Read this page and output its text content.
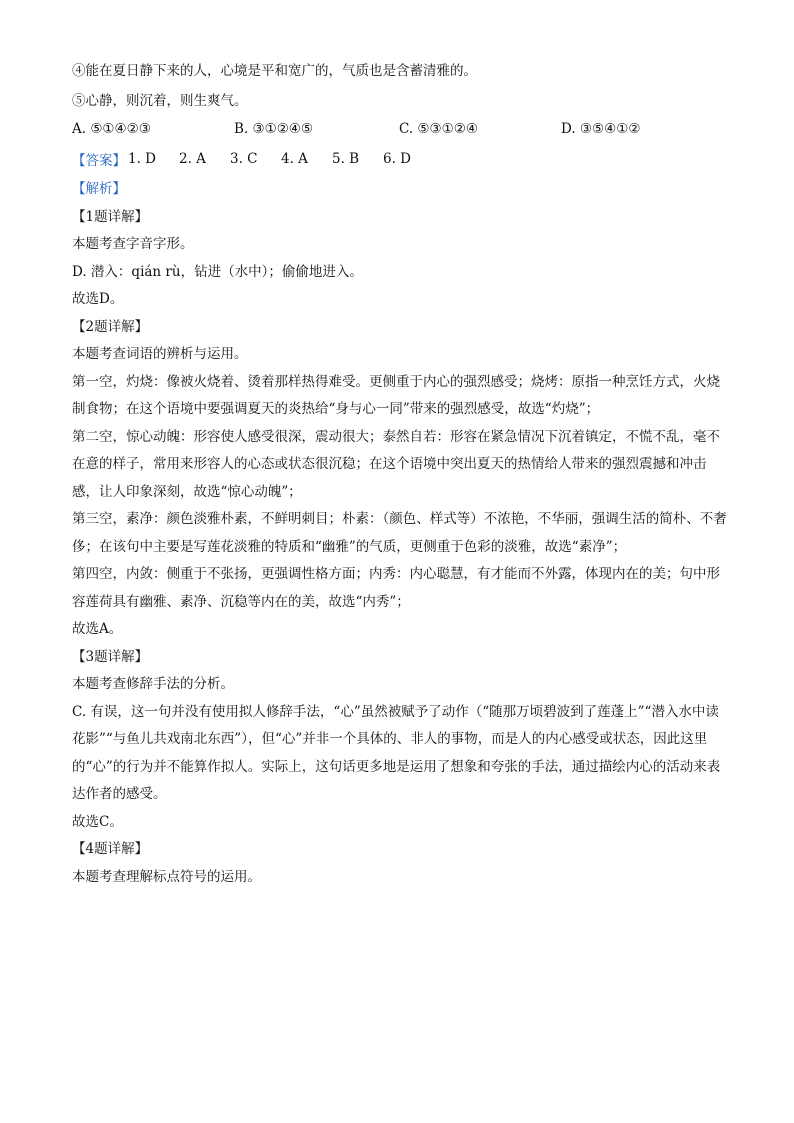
④能在夏日静下来的人，心境是平和宽广的，气质也是含蓄清雅的。

⑤心静，则沉着，则生爽气。

A. ⑤①④②③	B. ③①②④⑤	C. ⑤③①②④	D. ③⑤④①②
【答案】 1. D	2. A	3. C	4. A	5. B	6. D

【解析】

【1题详解】

本题考查字音字形。

D. 潜入：qián rù，钻进（水中）；偷偷地进入。

故选D。

【2题详解】

本题考查词语的辨析与运用。

第一空，灼烧：像被火烧着、烫着那样热得难受。更侧重于内心的强烈感受；烧烤：原指一种烹饪方式，火烧制食物；在这个语境中要强调夏天的炎热给“身与心一同”带来的强烈感受，故选“灼烧”；

第二空，惊心动魄：形容使人感受很深，震动很大；泰然自若：形容在紧急情况下沉着镇定，不慌不乱，毫不在意的样子，常用来形容人的心态或状态很沉稳；在这个语境中突出夏天的热情给人带来的强烈震撼和冲击感，让人印象深刻，故选“惊心动魄”；

第三空，素净：颜色淡雅朴素，不鲜明刺目；朴素：（颜色、样式等）不浓艳，不华丽，强调生活的简朴、不奢侈；在该句中主要是写莲花淡雅的特质和“幽雅”的气质，更侧重于色彩的淡雅，故选“素净”；

第四空，内敛：侧重于不张扬，更强调性格方面；内秀：内心聪慧，有才能而不外露，体现内在的美；句中形容莲荷具有幽雅、素净、沉稳等内在的美，故选“内秀”；

故选A。

【3题详解】

本题考查修辞手法的分析。

C. 有误，这一句并没有使用拟人修辞手法，“心”虽然被赋予了动作（“随那万顷碧波到了莲蓬上”“潜入水中读花影”“与鱼儿共戏南北东西”），但“心”并非一个具体的、非人的事物，而是人的内心感受或状态，因此这里的“心”的行为并不能算作拟人。实际上，这句话更多地是运用了想象和夸张的手法，通过描绘内心的活动来表达作者的感受。

故选C。

【4题详解】

本题考查理解标点符号的运用。
